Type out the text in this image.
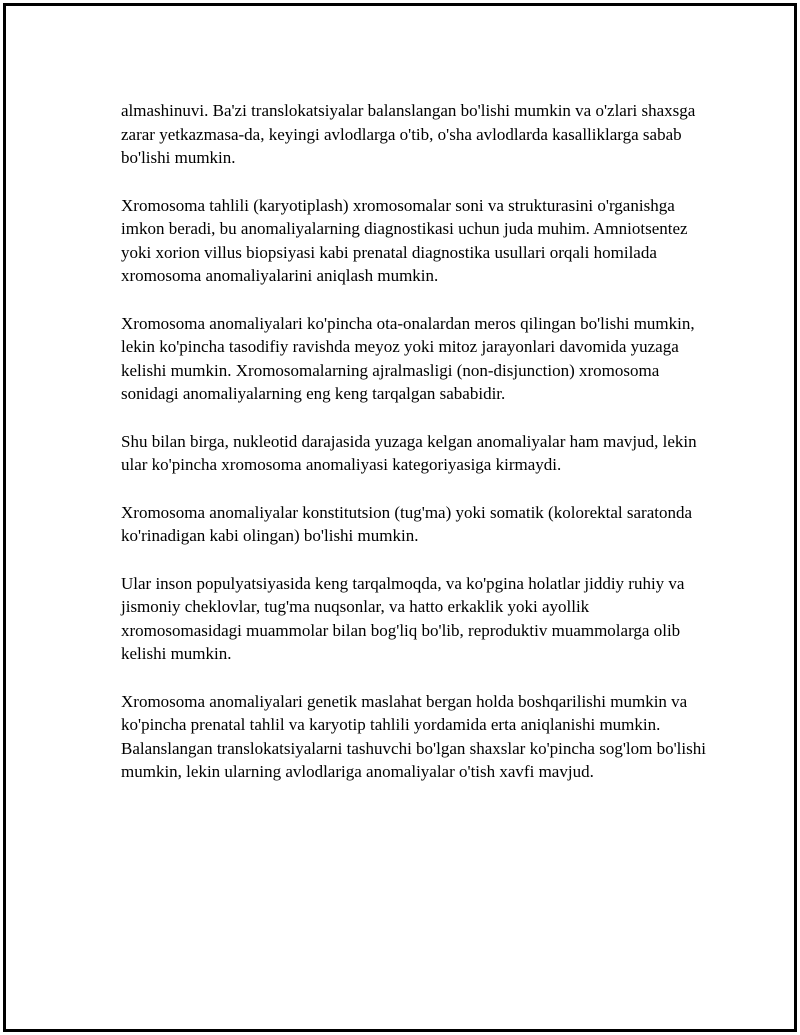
almashinuvi. Ba'zi translokatsiyalar balanslangan bo'lishi mumkin va o'zlari shaxsga zarar yetkazmasa-da, keyingi avlodlarga o'tib, o'sha avlodlarda kasalliklarga sabab bo'lishi mumkin.

Xromosoma tahlili (karyotiplash) xromosomalar soni va strukturasini o'rganishga imkon beradi, bu anomaliyalarning diagnostikasi uchun juda muhim. Amniotsentez yoki xorion villus biopsiyasi kabi prenatal diagnostika usullari orqali homilada xromosoma anomaliyalarini aniqlash mumkin.

Xromosoma anomaliyalari ko'pincha ota-onalardan meros qilingan bo'lishi mumkin, lekin ko'pincha tasodifiy ravishda meyoz yoki mitoz jarayonlari davomida yuzaga kelishi mumkin. Xromosomalarning ajralmasligi (non-disjunction) xromosoma sonidagi anomaliyalarning eng keng tarqalgan sababidir.

Shu bilan birga, nukleotid darajasida yuzaga kelgan anomaliyalar ham mavjud, lekin ular ko'pincha xromosoma anomaliyasi kategoriyasiga kirmaydi.

Xromosoma anomaliyalar konstitutsion (tug'ma) yoki somatik (kolorektal saratonda ko'rinadigan kabi olingan) bo'lishi mumkin.

Ular inson populyatsiyasida keng tarqalmoqda, va ko'pgina holatlar jiddiy ruhiy va jismoniy cheklovlar, tug'ma nuqsonlar, va hatto erkaklik yoki ayollik xromosomasidagi muammolar bilan bog'liq bo'lib, reproduktiv muammolarga olib kelishi mumkin.

Xromosoma anomaliyalari genetik maslahat bergan holda boshqarilishi mumkin va ko'pincha prenatal tahlil va karyotip tahlili yordamida erta aniqlanishi mumkin. Balanslangan translokatsiyalarni tashuvchi bo'lgan shaxslar ko'pincha sog'lom bo'lishi mumkin, lekin ularning avlodlariga anomaliyalar o'tish xavfi mavjud.
